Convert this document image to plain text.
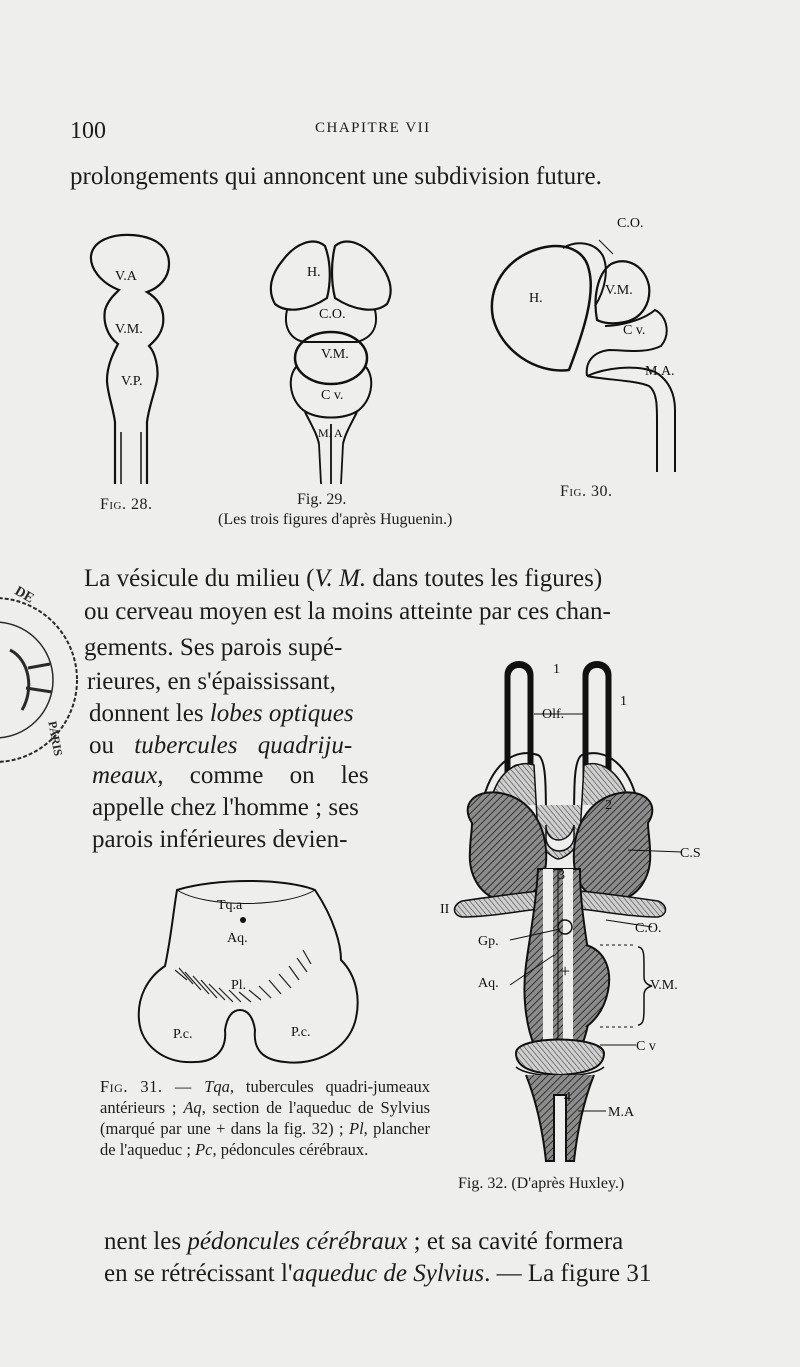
100	CHAPITRE VII
prolongements qui annoncent une subdivision future.
V.A
V.M.
V.P.
Fig. 28.
H.
C.O.
V.M.
C v.
M. A
Fig. 29.
(Les trois figures d'après Huguenin.)
C.O.
H.
V.M.
C v.
M.A.
Fig. 30.
DE
PARIS
La vésicule du milieu (V. M. dans toutes les figures)
ou cerveau moyen est la moins atteinte par ces chan-
gements. Ses parois supé-
rieures, en s'épaississant,
donnent les lobes optiques
ou tubercules quadriju-
meaux, comme on les
appelle chez l'homme ; ses
parois inférieures devien-
Tq.a
Aq.
Pl.
P.c.	P.c.
Fig. 31. — Tqa, tubercules quadri-jumeaux antérieurs ; Aq, section de l'aqueduc de Sylvius (marqué par une + dans la fig. 32) ; Pl, plancher de l'aqueduc ; Pc, pédoncules cérébraux.
1
1
Olf.
2
C.S
3
II
C.O.
Gp.
V.M.
Aq.
+
C v
4
M.A
Fig. 32. (D'après Huxley.)
nent les pédoncules cérébraux ; et sa cavité formera
en se rétrécissant l'aqueduc de Sylvius. — La figure 31
